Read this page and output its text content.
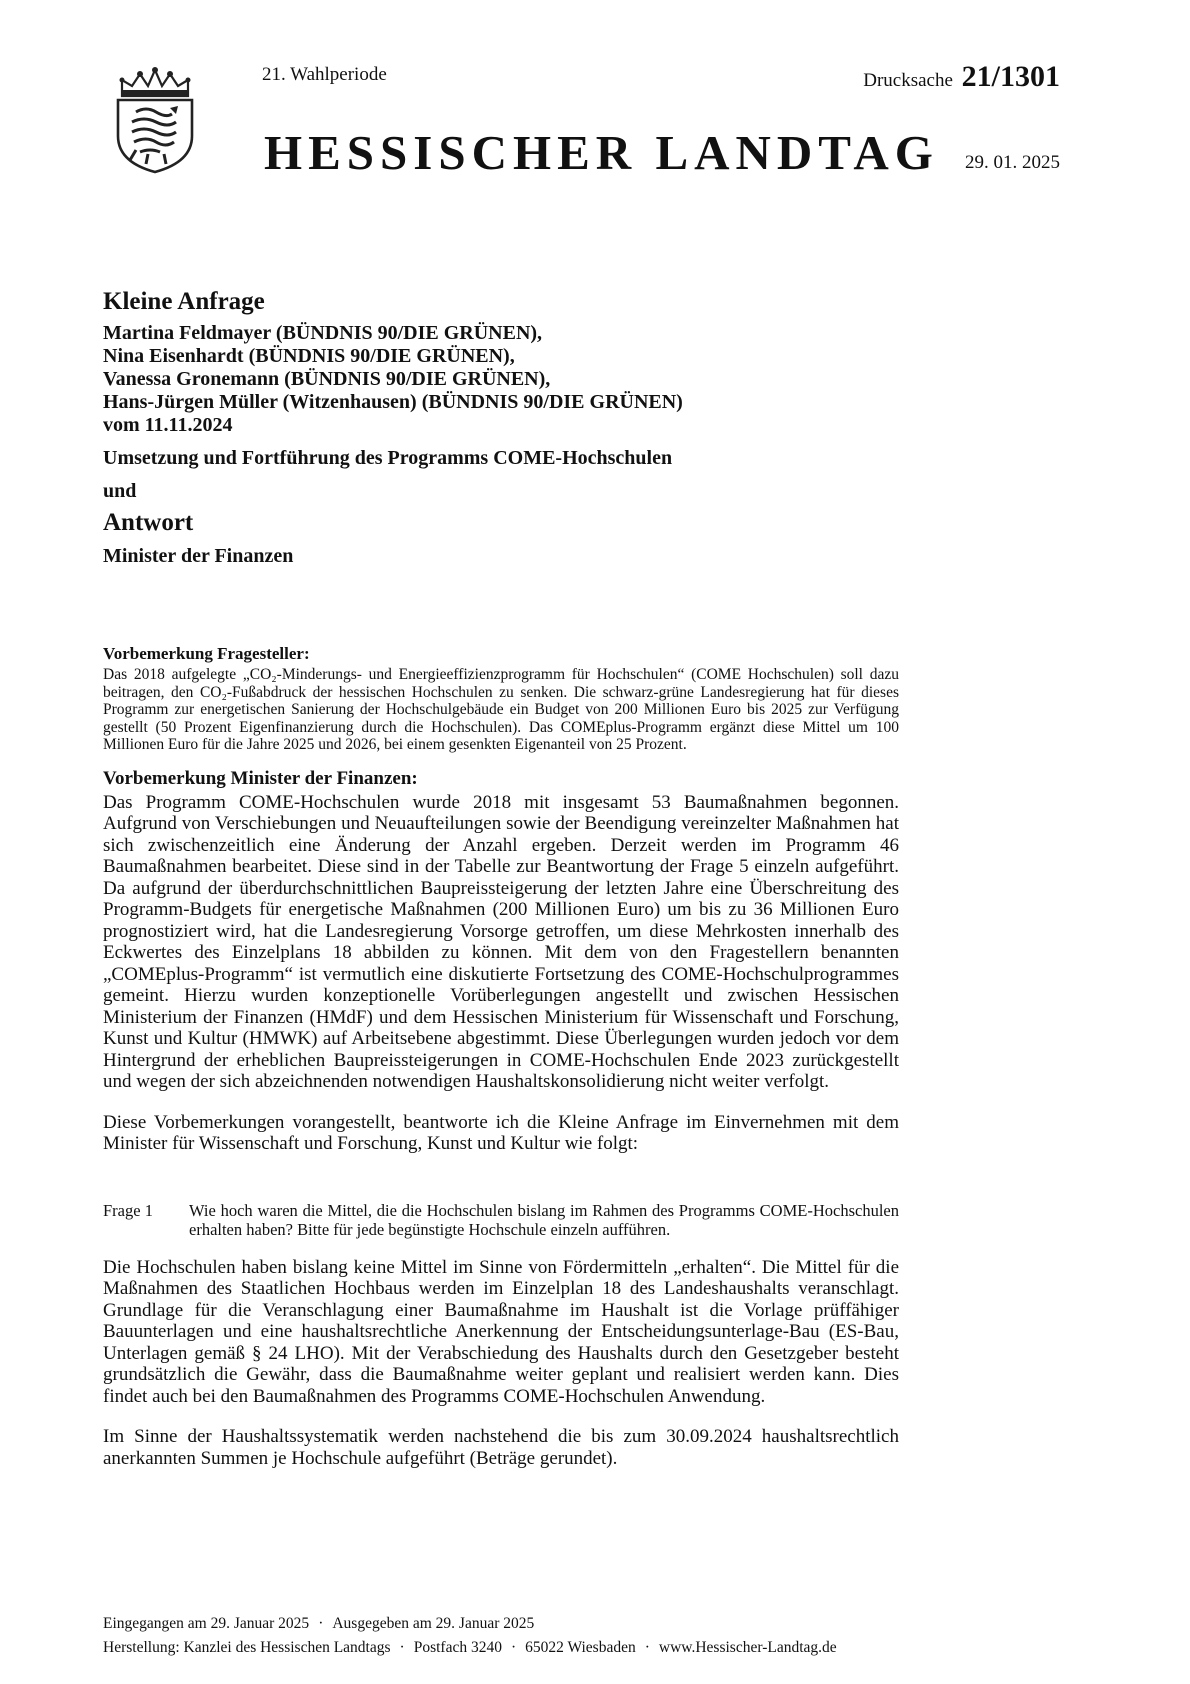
21. Wahlperiode	Drucksache 21/1301
HESSISCHER LANDTAG 29. 01. 2025
Kleine Anfrage
Martina Feldmayer (BÜNDNIS 90/DIE GRÜNEN),
Nina Eisenhardt (BÜNDNIS 90/DIE GRÜNEN),
Vanessa Gronemann (BÜNDNIS 90/DIE GRÜNEN),
Hans-Jürgen Müller (Witzenhausen) (BÜNDNIS 90/DIE GRÜNEN)
vom 11.11.2024
Umsetzung und Fortführung des Programms COME-Hochschulen
und
Antwort
Minister der Finanzen
Vorbemerkung Fragesteller:

Das 2018 aufgelegte „CO₂-Minderungs- und Energieeffizienzprogramm für Hochschulen“ (COME Hochschulen) soll dazu beitragen, den CO₂-Fußabdruck der hessischen Hochschulen zu senken. Die schwarz-grüne Landesregierung hat für dieses Programm zur energetischen Sanierung der Hochschulgebäude ein Budget von 200 Millionen Euro bis 2025 zur Verfügung gestellt (50 Prozent Eigenfinanzierung durch die Hochschulen). Das COMEplus-Programm ergänzt diese Mittel um 100 Millionen Euro für die Jahre 2025 und 2026, bei einem gesenkten Eigenanteil von 25 Prozent.

Vorbemerkung Minister der Finanzen:

Das Programm COME-Hochschulen wurde 2018 mit insgesamt 53 Baumaßnahmen begonnen. Aufgrund von Verschiebungen und Neuaufteilungen sowie der Beendigung vereinzelter Maßnahmen hat sich zwischenzeitlich eine Änderung der Anzahl ergeben. Derzeit werden im Programm 46 Baumaßnahmen bearbeitet. Diese sind in der Tabelle zur Beantwortung der Frage 5 einzeln aufgeführt. Da aufgrund der überdurchschnittlichen Baupreissteigerung der letzten Jahre eine Überschreitung des Programm-Budgets für energetische Maßnahmen (200 Millionen Euro) um bis zu 36 Millionen Euro prognostiziert wird, hat die Landesregierung Vorsorge getroffen, um diese Mehrkosten innerhalb des Eckwertes des Einzelplans 18 abbilden zu können. Mit dem von den Fragestellern benannten „COMEplus-Programm“ ist vermutlich eine diskutierte Fortsetzung des COME-Hochschulprogrammes gemeint. Hierzu wurden konzeptionelle Vorüberlegungen angestellt und zwischen Hessischen Ministerium der Finanzen (HMdF) und dem Hessischen Ministerium für Wissenschaft und Forschung, Kunst und Kultur (HMWK) auf Arbeitsebene abgestimmt. Diese Überlegungen wurden jedoch vor dem Hintergrund der erheblichen Baupreissteigerungen in COME-Hochschulen Ende 2023 zurückgestellt und wegen der sich abzeichnenden notwendigen Haushaltskonsolidierung nicht weiter verfolgt.

Diese Vorbemerkungen vorangestellt, beantworte ich die Kleine Anfrage im Einvernehmen mit dem Minister für Wissenschaft und Forschung, Kunst und Kultur wie folgt:

Frage 1	Wie hoch waren die Mittel, die die Hochschulen bislang im Rahmen des Programms COME-Hochschulen erhalten haben? Bitte für jede begünstigte Hochschule einzeln aufführen.

Die Hochschulen haben bislang keine Mittel im Sinne von Fördermitteln „erhalten“. Die Mittel für die Maßnahmen des Staatlichen Hochbaus werden im Einzelplan 18 des Landeshaushalts veranschlagt. Grundlage für die Veranschlagung einer Baumaßnahme im Haushalt ist die Vorlage prüffähiger Bauunterlagen und eine haushaltsrechtliche Anerkennung der Entscheidungsunterlage-Bau (ES-Bau, Unterlagen gemäß § 24 LHO). Mit der Verabschiedung des Haushalts durch den Gesetzgeber besteht grundsätzlich die Gewähr, dass die Baumaßnahme weiter geplant und realisiert werden kann. Dies findet auch bei den Baumaßnahmen des Programms COME-Hochschulen Anwendung.

Im Sinne der Haushaltssystematik werden nachstehend die bis zum 30.09.2024 haushaltsrechtlich anerkannten Summen je Hochschule aufgeführt (Beträge gerundet).

Eingegangen am 29. Januar 2025 · Ausgegeben am 29. Januar 2025
Herstellung: Kanzlei des Hessischen Landtags · Postfach 3240 · 65022 Wiesbaden · www.Hessischer-Landtag.de
